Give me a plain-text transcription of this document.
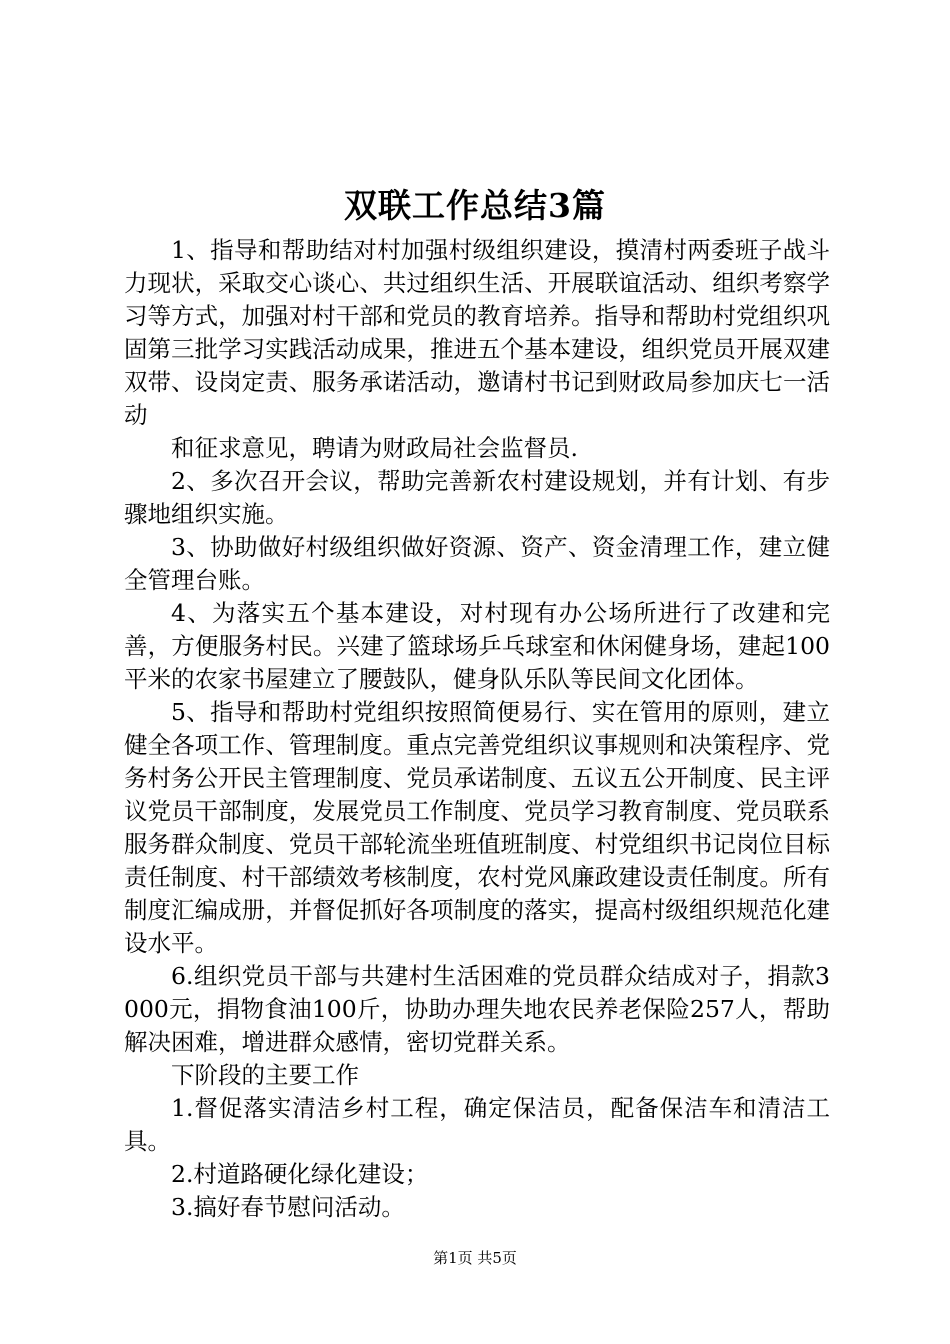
双联工作总结3篇

1、指导和帮助结对村加强村级组织建设，摸清村两委班子战斗力现状，采取交心谈心、共过组织生活、开展联谊活动、组织考察学习等方式，加强对村干部和党员的教育培养。指导和帮助村党组织巩固第三批学习实践活动成果，推进五个基本建设，组织党员开展双建双带、设岗定责、服务承诺活动，邀请村书记到财政局参加庆七一活动

和征求意见，聘请为财政局社会监督员.

2、多次召开会议，帮助完善新农村建设规划，并有计划、有步骤地组织实施。

3、协助做好村级组织做好资源、资产、资金清理工作，建立健全管理台账。

4、为落实五个基本建设，对村现有办公场所进行了改建和完善，方便服务村民。兴建了篮球场乒乓球室和休闲健身场，建起100平米的农家书屋建立了腰鼓队，健身队乐队等民间文化团体。

5、指导和帮助村党组织按照简便易行、实在管用的原则，建立健全各项工作、管理制度。重点完善党组织议事规则和决策程序、党务村务公开民主管理制度、党员承诺制度、五议五公开制度、民主评议党员干部制度，发展党员工作制度、党员学习教育制度、党员联系服务群众制度、党员干部轮流坐班值班制度、村党组织书记岗位目标责任制度、村干部绩效考核制度，农村党风廉政建设责任制度。所有制度汇编成册，并督促抓好各项制度的落实，提高村级组织规范化建设水平。

6.组织党员干部与共建村生活困难的党员群众结成对子，捐款3000元，捐物食油100斤，协助办理失地农民养老保险257人，帮助解决困难，增进群众感情，密切党群关系。

下阶段的主要工作

1.督促落实清洁乡村工程，确定保洁员，配备保洁车和清洁工具。

2.村道路硬化绿化建设；

3.搞好春节慰问活动。

第1页 共5页
